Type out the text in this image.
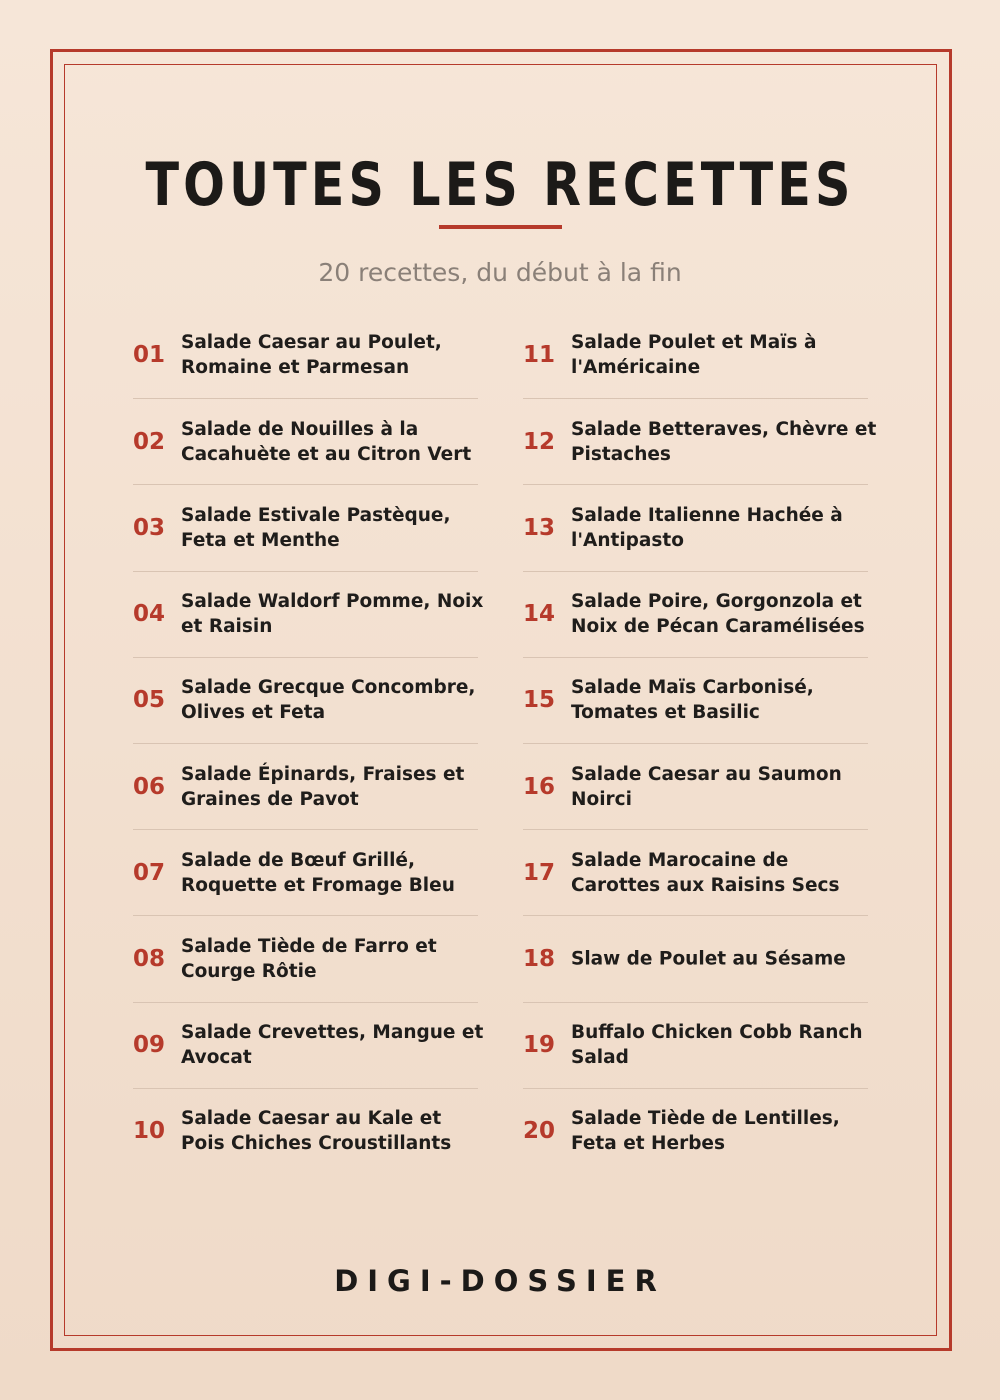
TOUTES LES RECETTES
20 recettes, du début à la fin
01 Salade Caesar au Poulet,
Romaine et Parmesan
02 Salade de Nouilles à la
Cacahuète et au Citron Vert
03 Salade Estivale Pastèque,
Feta et Menthe
04 Salade Waldorf Pomme, Noix
et Raisin
05 Salade Grecque Concombre,
Olives et Feta
06 Salade Épinards, Fraises et
Graines de Pavot
07 Salade de Bœuf Grillé,
Roquette et Fromage Bleu
08 Salade Tiède de Farro et
Courge Rôtie
09 Salade Crevettes, Mangue et
Avocat
10 Salade Caesar au Kale et
Pois Chiches Croustillants
11 Salade Poulet et Maïs à
l'Américaine
12 Salade Betteraves, Chèvre et
Pistaches
13 Salade Italienne Hachée à
l'Antipasto
14 Salade Poire, Gorgonzola et
Noix de Pécan Caramélisées
15 Salade Maïs Carbonisé,
Tomates et Basilic
16 Salade Caesar au Saumon
Noirci
17 Salade Marocaine de
Carottes aux Raisins Secs
18 Slaw de Poulet au Sésame
19 Buffalo Chicken Cobb Ranch
Salad
20 Salade Tiède de Lentilles,
Feta et Herbes
DIGI-DOSSIER
